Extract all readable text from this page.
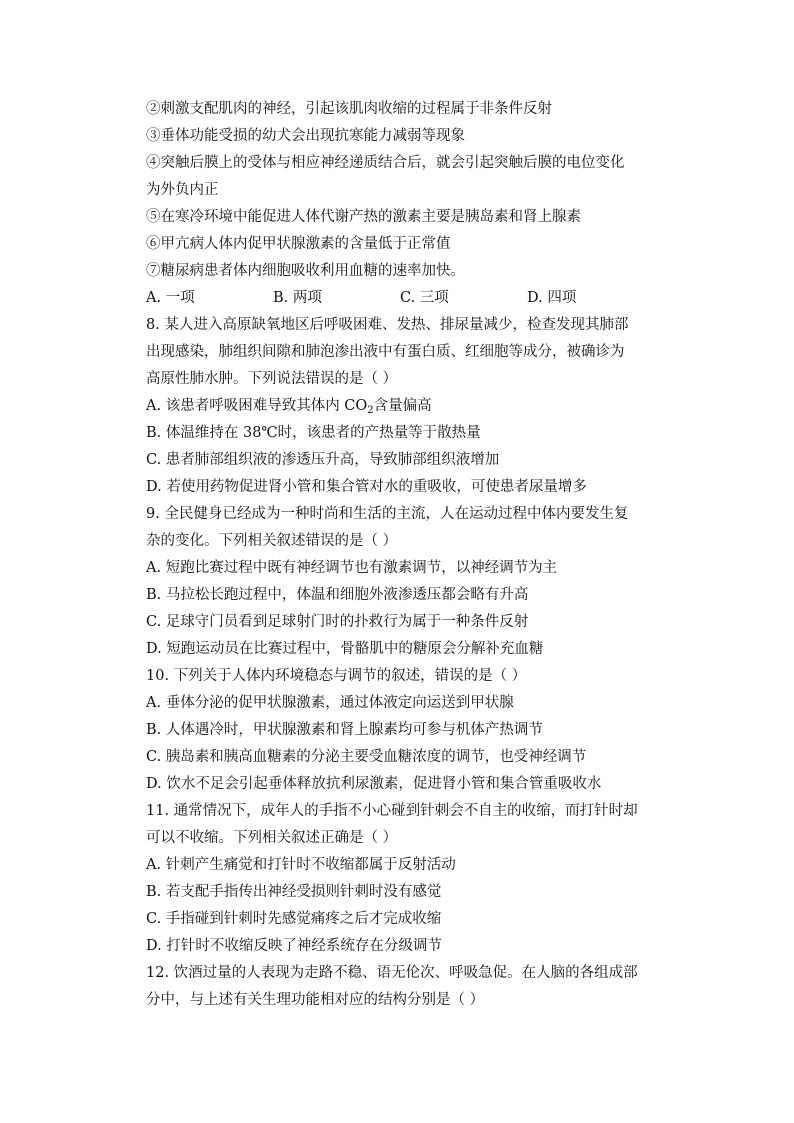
②刺激支配肌肉的神经，引起该肌肉收缩的过程属于非条件反射
③垂体功能受损的幼犬会出现抗寒能力减弱等现象
④突触后膜上的受体与相应神经递质结合后，就会引起突触后膜的电位变化
为外负内正
⑤在寒冷环境中能促进人体代谢产热的激素主要是胰岛素和肾上腺素
⑥甲亢病人体内促甲状腺激素的含量低于正常值
⑦糖尿病患者体内细胞吸收利用血糖的速率加快。
A. 一项	B. 两项	C. 三项	D. 四项
8. 某人进入高原缺氧地区后呼吸困难、发热、排尿量减少，检查发现其肺部
出现感染，肺组织间隙和肺泡渗出液中有蛋白质、红细胞等成分，被确诊为
高原性肺水肿。下列说法错误的是（ ）
A. 该患者呼吸困难导致其体内 $CO_2$含量偏高
B. 体温维持在 38℃时，该患者的产热量等于散热量
C. 患者肺部组织液的渗透压升高，导致肺部组织液增加
D. 若使用药物促进肾小管和集合管对水的重吸收，可使患者尿量增多
9. 全民健身已经成为一种时尚和生活的主流，人在运动过程中体内要发生复
杂的变化。下列相关叙述错误的是（ ）
A. 短跑比赛过程中既有神经调节也有激素调节，以神经调节为主
B. 马拉松长跑过程中，体温和细胞外液渗透压都会略有升高
C. 足球守门员看到足球射门时的扑救行为属于一种条件反射
D. 短跑运动员在比赛过程中，骨骼肌中的糖原会分解补充血糖
10. 下列关于人体内环境稳态与调节的叙述，错误的是（ ）
A. 垂体分泌的促甲状腺激素，通过体液定向运送到甲状腺
B. 人体遇冷时，甲状腺激素和肾上腺素均可参与机体产热调节
C. 胰岛素和胰高血糖素的分泌主要受血糖浓度的调节，也受神经调节
D. 饮水不足会引起垂体释放抗利尿激素，促进肾小管和集合管重吸收水
11. 通常情况下，成年人的手指不小心碰到针刺会不自主的收缩，而打针时却
可以不收缩。下列相关叙述正确是（ ）
A. 针刺产生痛觉和打针时不收缩都属于反射活动
B. 若支配手指传出神经受损则针刺时没有感觉
C. 手指碰到针刺时先感觉痛疼之后才完成收缩
D. 打针时不收缩反映了神经系统存在分级调节
12. 饮酒过量的人表现为走路不稳、语无伦次、呼吸急促。在人脑的各组成部
分中，与上述有关生理功能相对应的结构分别是（ ）
